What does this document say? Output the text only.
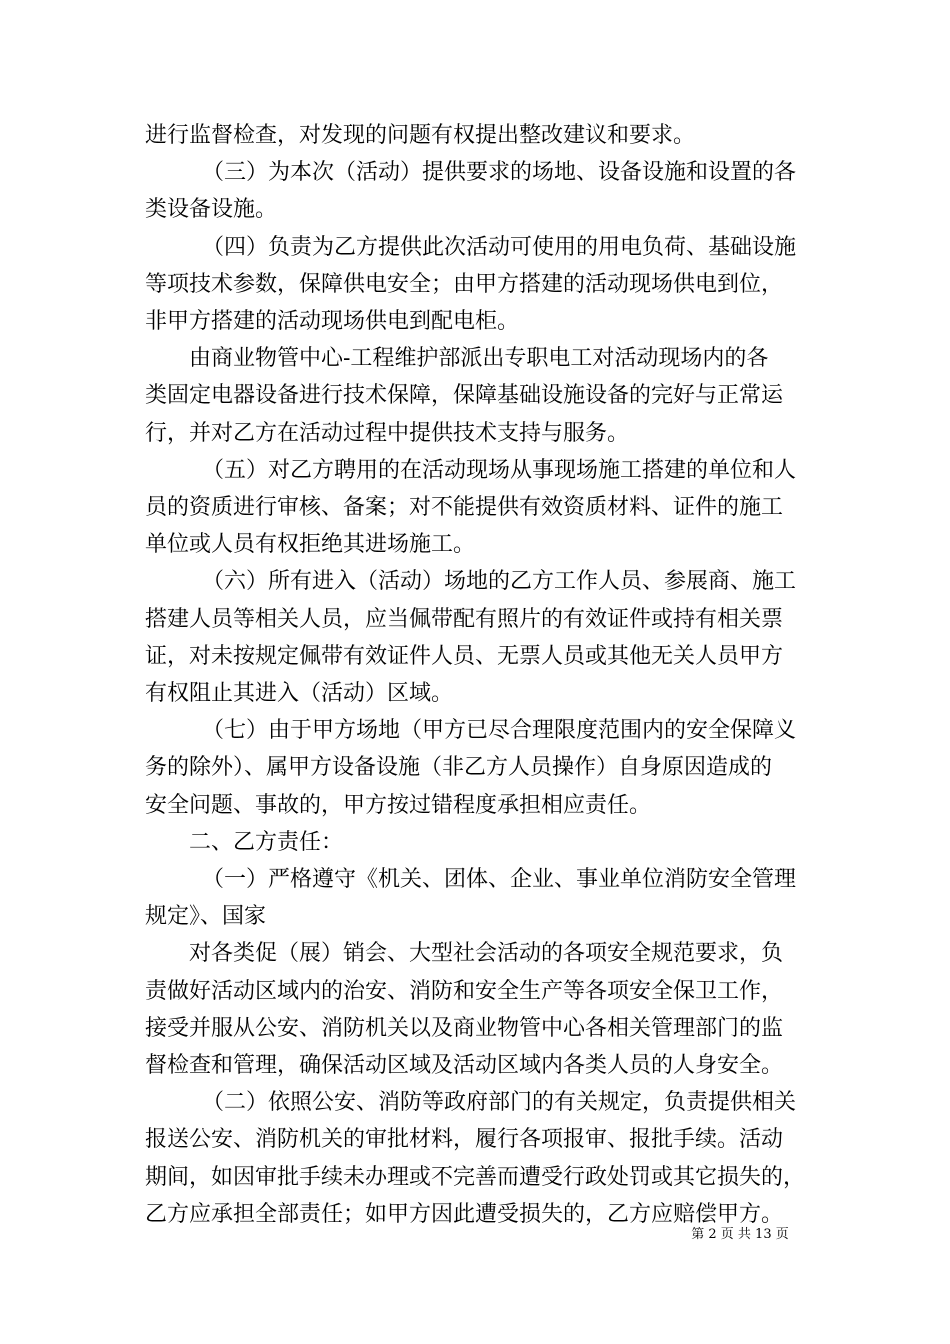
进行监督检查，对发现的问题有权提出整改建议和要求。
（三）为本次（活动）提供要求的场地、设备设施和设置的各
类设备设施。
（四）负责为乙方提供此次活动可使用的用电负荷、基础设施
等项技术参数，保障供电安全；由甲方搭建的活动现场供电到位，
非甲方搭建的活动现场供电到配电柜。
由商业物管中心-工程维护部派出专职电工对活动现场内的各
类固定电器设备进行技术保障，保障基础设施设备的完好与正常运
行，并对乙方在活动过程中提供技术支持与服务。
（五）对乙方聘用的在活动现场从事现场施工搭建的单位和人
员的资质进行审核、备案；对不能提供有效资质材料、证件的施工
单位或人员有权拒绝其进场施工。
（六）所有进入（活动）场地的乙方工作人员、参展商、施工
搭建人员等相关人员，应当佩带配有照片的有效证件或持有相关票
证，对未按规定佩带有效证件人员、无票人员或其他无关人员甲方
有权阻止其进入（活动）区域。
（七）由于甲方场地（甲方已尽合理限度范围内的安全保障义
务的除外）、属甲方设备设施（非乙方人员操作）自身原因造成的
安全问题、事故的，甲方按过错程度承担相应责任。
二、乙方责任：
（一）严格遵守《机关、团体、企业、事业单位消防安全管理
规定》、国家
对各类促（展）销会、大型社会活动的各项安全规范要求，负
责做好活动区域内的治安、消防和安全生产等各项安全保卫工作，
接受并服从公安、消防机关以及商业物管中心各相关管理部门的监
督检查和管理，确保活动区域及活动区域内各类人员的人身安全。
（二）依照公安、消防等政府部门的有关规定，负责提供相关
报送公安、消防机关的审批材料，履行各项报审、报批手续。活动
期间，如因审批手续未办理或不完善而遭受行政处罚或其它损失的，
乙方应承担全部责任；如甲方因此遭受损失的，乙方应赔偿甲方。
第 2 页 共 13 页
